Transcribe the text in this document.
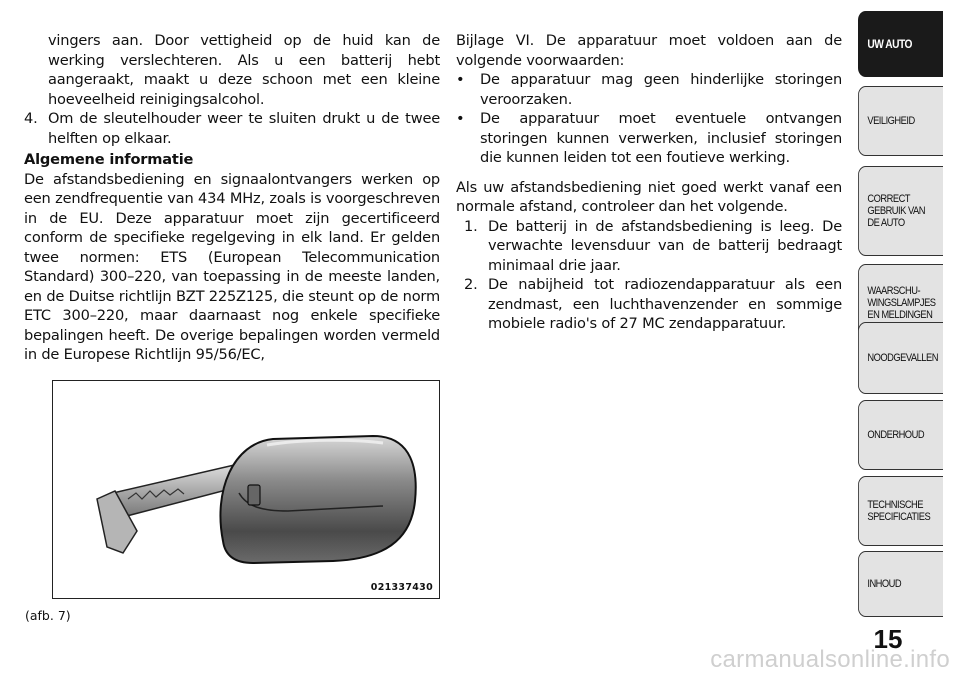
vingers aan. Door vettigheid op de huid kan de werking verslechteren. Als u een batterij hebt aangeraakt, maakt u deze schoon met een kleine hoeveelheid reinigingsalcohol.

4. Om de sleutelhouder weer te sluiten drukt u de twee helften op elkaar.

Algemene informatie

De afstandsbediening en signaalontvangers werken op een zendfrequentie van 434 MHz, zoals is voorgeschreven in de EU. Deze apparatuur moet zijn gecertificeerd conform de specifieke regelgeving in elk land. Er gelden twee normen: ETS (European Telecommunication Standard) 300–220, van toepassing in de meeste landen, en de Duitse richtlijn BZT 225Z125, die steunt op de norm ETC 300–220, maar daarnaast nog enkele specifieke bepalingen heeft. De overige bepalingen worden vermeld in de Europese Richtlijn 95/56/EC,

021337430
(afb. 7)

Bijlage VI. De apparatuur moet voldoen aan de volgende voorwaarden:

• De apparatuur mag geen hinderlijke storingen veroorzaken.

• De apparatuur moet eventuele ontvangen storingen kunnen verwerken, inclusief storingen die kunnen leiden tot een foutieve werking.

Als uw afstandsbediening niet goed werkt vanaf een normale afstand, controleer dan het volgende.

1. De batterij in de afstandsbediening is leeg. De verwachte levensduur van de batterij bedraagt minimaal drie jaar.

2. De nabijheid tot radiozendapparatuur als een zendmast, een luchthavenzender en sommige mobiele radio's of 27 MC zendapparatuur.

UW AUTO
VEILIGHEID
CORRECT
GEBRUIK VAN
DE AUTO
WAARSCHU-
WINGSLAMPJES
EN MELDINGEN
NOODGEVALLEN
ONDERHOUD
TECHNISCHE
SPECIFICATIES
INHOUD
15
carmanualsonline.info
